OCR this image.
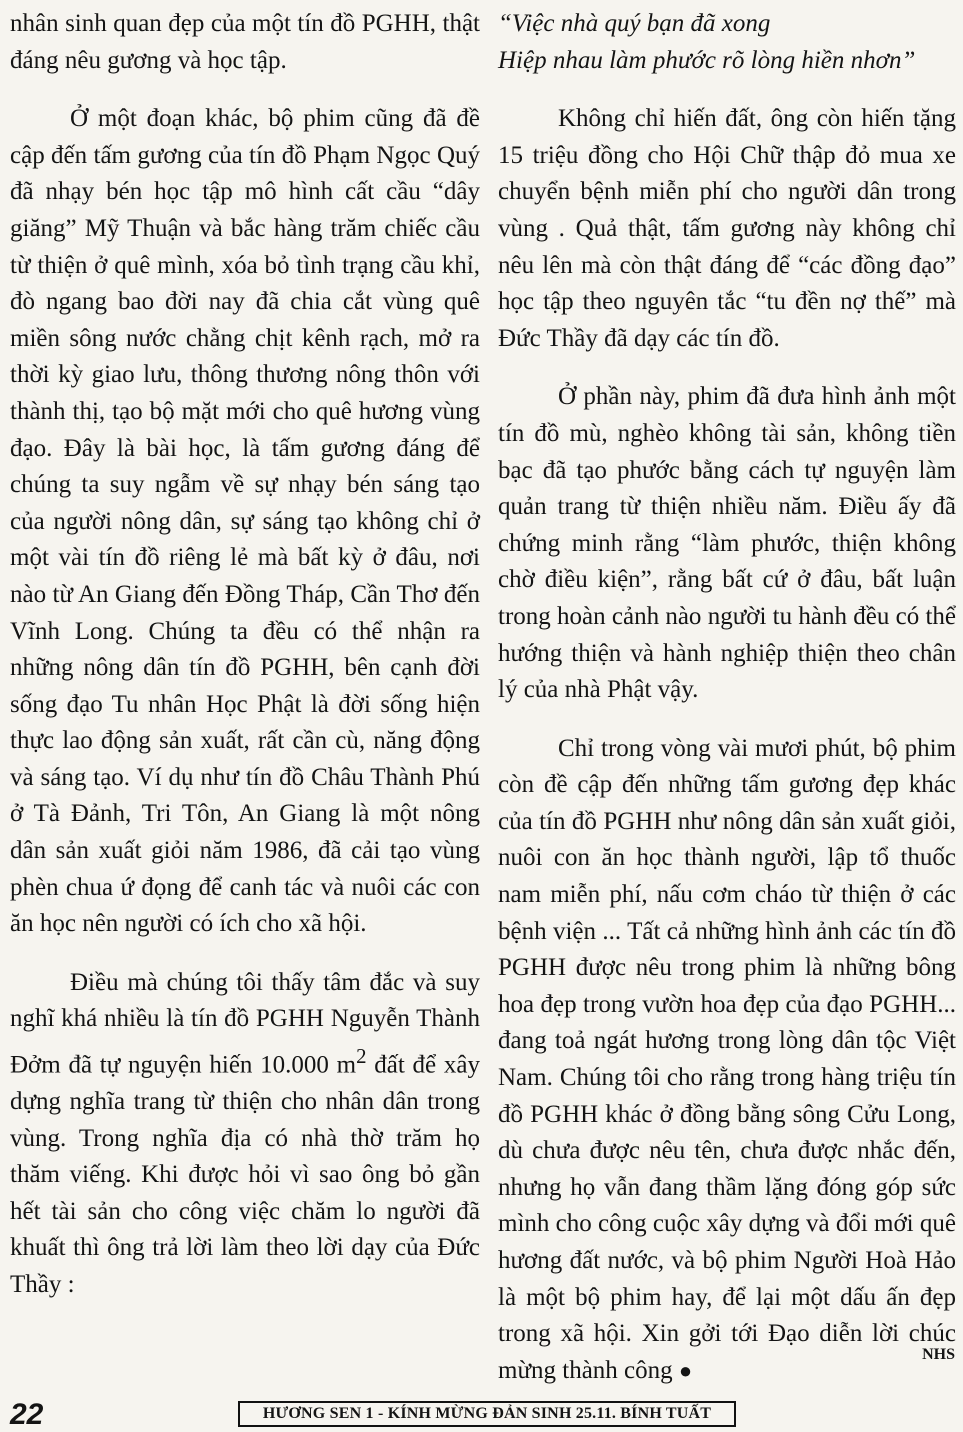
nhân sinh quan đẹp của một tín đồ PGHH, thật đáng nêu gương và học tập.

Ở một đoạn khác, bộ phim cũng đã đề cập đến tấm gương của tín đồ Phạm Ngọc Quý đã nhạy bén học tập mô hình cất cầu “dây giăng” Mỹ Thuận và bắc hàng trăm chiếc cầu từ thiện ở quê mình, xóa bỏ tình trạng cầu khỉ, đò ngang bao đời nay đã chia cắt vùng quê miền sông nước chằng chịt kênh rạch, mở ra thời kỳ giao lưu, thông thương nông thôn với thành thị, tạo bộ mặt mới cho quê hương vùng đạo. Đây là bài học, là tấm gương đáng để chúng ta suy ngẫm về sự nhạy bén sáng tạo của người nông dân, sự sáng tạo không chỉ ở một vài tín đồ riêng lẻ mà bất kỳ ở đâu, nơi nào từ An Giang đến Đồng Tháp, Cần Thơ đến Vĩnh Long. Chúng ta đều có thể nhận ra những nông dân tín đồ PGHH, bên cạnh đời sống đạo Tu nhân Học Phật là đời sống hiện thực lao động sản xuất, rất cần cù, năng động và sáng tạo. Ví dụ như tín đồ Châu Thành Phú ở Tà Đảnh, Tri Tôn, An Giang là một nông dân sản xuất giỏi năm 1986, đã cải tạo vùng phèn chua ứ đọng để canh tác và nuôi các con ăn học nên người có ích cho xã hội.

Điều mà chúng tôi thấy tâm đắc và suy nghĩ khá nhiều là tín đồ PGHH Nguyễn Thành Đởm đã tự nguyện hiến 10.000 $m^2$ đất để xây dựng nghĩa trang từ thiện cho nhân dân trong vùng. Trong nghĩa địa có nhà thờ trăm họ thăm viếng. Khi được hỏi vì sao ông bỏ gần hết tài sản cho công việc chăm lo người đã khuất thì ông trả lời làm theo lời dạy của Đức Thầy :

“Việc nhà quý bạn đã xong
Hiệp nhau làm phước rõ lòng hiền nhơn”

Không chỉ hiến đất, ông còn hiến tặng 15 triệu đồng cho Hội Chữ thập đỏ mua xe chuyển bệnh miễn phí cho người dân trong vùng . Quả thật, tấm gương này không chỉ nêu lên mà còn thật đáng để “các đồng đạo” học tập theo nguyên tắc “tu đền nợ thế” mà Đức Thầy đã dạy các tín đồ.

Ở phần này, phim đã đưa hình ảnh một tín đồ mù, nghèo không tài sản, không tiền bạc đã tạo phước bằng cách tự nguyện làm quản trang từ thiện nhiều năm. Điều ấy đã chứng minh rằng “làm phước, thiện không chờ điều kiện”, rằng bất cứ ở đâu, bất luận trong hoàn cảnh nào người tu hành đều có thể hướng thiện và hành nghiệp thiện theo chân lý của nhà Phật vậy.

Chỉ trong vòng vài mươi phút, bộ phim còn đề cập đến những tấm gương đẹp khác của tín đồ PGHH như nông dân sản xuất giỏi, nuôi con ăn học thành người, lập tổ thuốc nam miễn phí, nấu cơm cháo từ thiện ở các bệnh viện ... Tất cả những hình ảnh các tín đồ PGHH được nêu trong phim là những bông hoa đẹp trong vườn hoa đẹp của đạo PGHH... đang toả ngát hương trong lòng dân tộc Việt Nam. Chúng tôi cho rằng trong hàng triệu tín đồ PGHH khác ở đồng bằng sông Cửu Long, dù chưa được nêu tên, chưa được nhắc đến, nhưng họ vẫn đang thầm lặng đóng góp sức mình cho công cuộc xây dựng và đổi mới quê hương đất nước, và bộ phim Người Hoà Hảo là một bộ phim hay, để lại một dấu ấn đẹp trong xã hội. Xin gởi tới Đạo diễn lời chúc mừng thành công ●

NHS
22	HƯƠNG SEN 1 - KÍNH MỪNG ĐẢN SINH 25.11. BÍNH TUẤT
